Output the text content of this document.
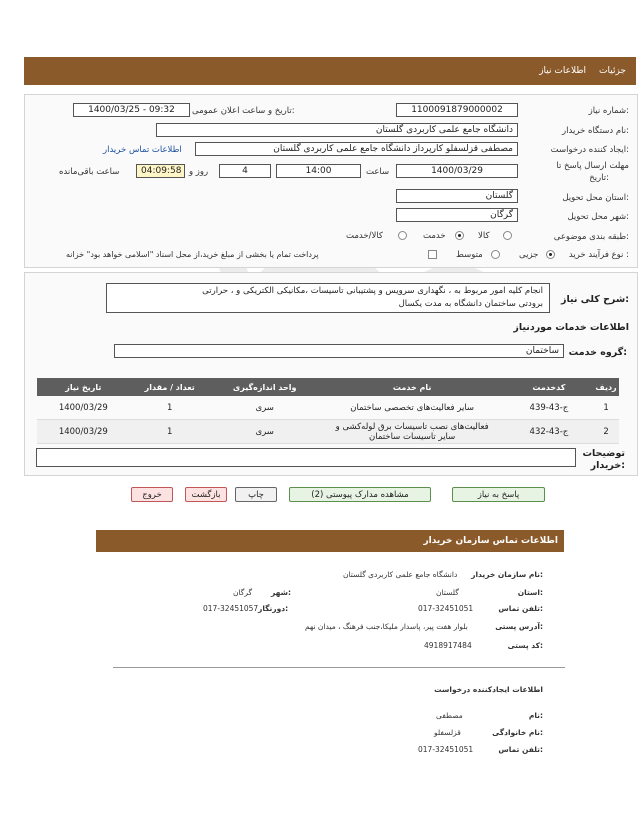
جزئیات
اطلاعات نیاز
شماره نیاز:
1100091879000002
تاریخ و ساعت اعلان عمومی:
1400/03/25 - 09:32
نام دستگاه خریدار:
دانشگاه جامع علمی کاربردی گلستان
ایجاد کننده درخواست:
مصطفی قزلسفلو کارپرداز دانشگاه جامع علمی کاربردی گلستان
اطلاعات تماس خریدار
مهلت ارسال پاسخ تا
تاریخ:
1400/03/29
ساعت
14:00
4
روز و
04:09:58
ساعت باقی‌مانده
استان محل تحویل:
گلستان
شهر محل تحویل:
گرگان
طبقه بندی موضوعی:
کالا
خدمت
کالا/خدمت
نوع فرآیند خرید :
جزیی
متوسط
پرداخت تمام یا بخشی از مبلغ خرید،از محل اسناد "اسلامی خواهد بود" خزانه
شرح کلی نیاز:
انجام کلیه امور مربوط به ، نگهداری سرویس و پشتیبانی تاسیسات ،مکانیکی الکتریکی و ، حرارتی
برودتی ساختمان دانشگاه به مدت یکسال
اطلاعات خدمات موردنیاز
گروه خدمت:
ساختمان
ردیف	کدخدمت	نام خدمت	واحد اندازه‌گیری	تعداد / مقدار	تاریخ نیاز
1	ج-43-439	سایر فعالیت‌های تخصصی ساختمان	سری	1	1400/03/29
2	ج-43-432	فعالیت‌های نصب تاسیسات برق لوله‌کشی و
سایر تاسیسات ساختمان	سری	1	1400/03/29
توضیحات
خریدار:
پاسخ به نیاز
مشاهده مدارک پیوستی (2)
چاپ
بازگشت
خروج
اطلاعات تماس سازمان خریدار
نام سازمان خریدار:
دانشگاه جامع علمی کاربردی گلستان
استان:
گلستان
شهر:
گرگان
تلفن تماس:
017-32451051
دورنگار:
017-32451057
آدرس پستی:
بلوار هفت پیر، پاسدار ملیکا،جنب فرهنگ ، میدان نهم
کد پستی:
4918917484
اطلاعات ایجادکننده درخواست
نام:
مصطفی
نام خانوادگی:
قزلسفلو
تلفن تماس:
017-32451051
